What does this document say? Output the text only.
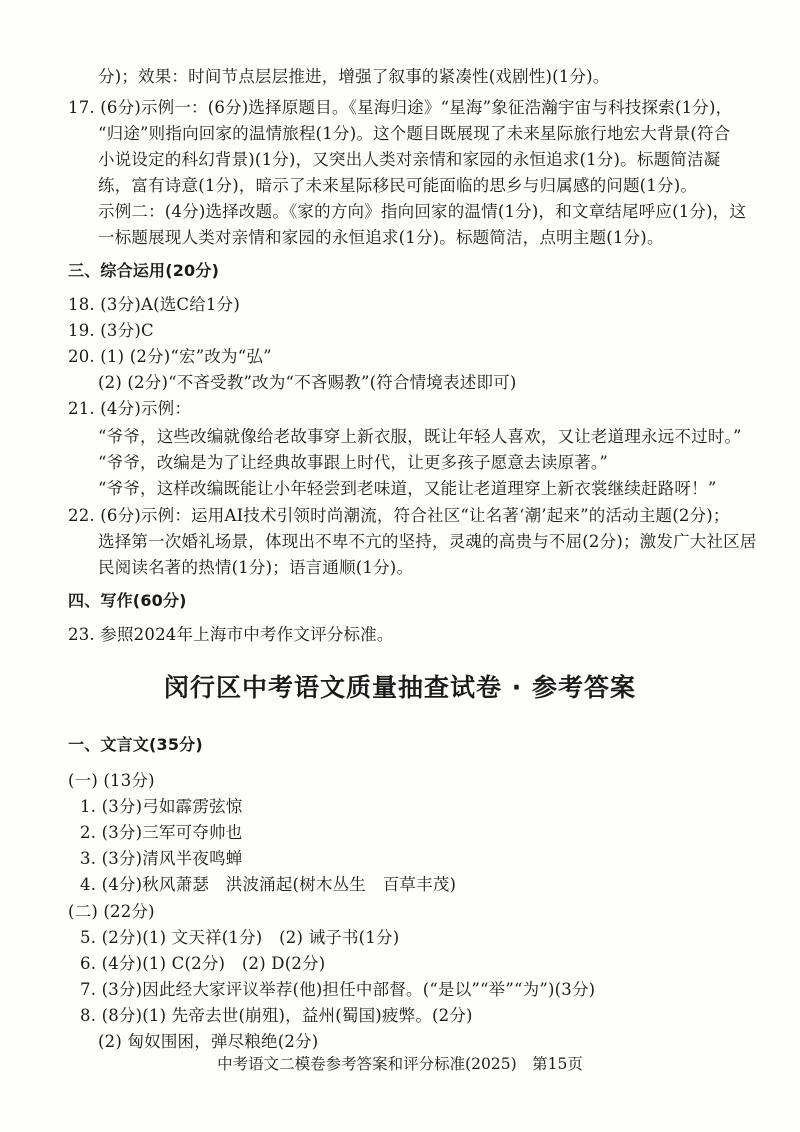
分)；效果：时间节点层层推进，增强了叙事的紧凑性(戏剧性)(1分)。
17. (6分)示例一：(6分)选择原题目。《星海归途》“星海”象征浩瀚宇宙与科技探索(1分)，
“归途”则指向回家的温情旅程(1分)。这个题目既展现了未来星际旅行地宏大背景(符合
小说设定的科幻背景)(1分)，又突出人类对亲情和家园的永恒追求(1分)。标题简洁凝
练，富有诗意(1分)，暗示了未来星际移民可能面临的思乡与归属感的问题(1分)。
示例二：(4分)选择改题。《家的方向》指向回家的温情(1分)，和文章结尾呼应(1分)，这
一标题展现人类对亲情和家园的永恒追求(1分)。标题简洁，点明主题(1分)。
三、综合运用(20分)
18. (3分)A(选C给1分)
19. (3分)C
20. (1) (2分)“宏”改为“弘”
(2) (2分)“不吝受教”改为“不吝赐教”(符合情境表述即可)
21. (4分)示例：
“爷爷，这些改编就像给老故事穿上新衣服，既让年轻人喜欢，又让老道理永远不过时。”
“爷爷，改编是为了让经典故事跟上时代，让更多孩子愿意去读原著。”
“爷爷，这样改编既能让小年轻尝到老味道，又能让老道理穿上新衣裳继续赶路呀！”
22. (6分)示例：运用AI技术引领时尚潮流，符合社区“让名著‘潮’起来”的活动主题(2分)；
选择第一次婚礼场景，体现出不卑不亢的坚持，灵魂的高贵与不屈(2分)；激发广大社区居
民阅读名著的热情(1分)；语言通顺(1分)。
四、写作(60分)
23. 参照2024年上海市中考作文评分标准。
闵行区中考语文质量抽查试卷 · 参考答案
一、文言文(35分)
(一) (13分)
1. (3分)弓如霹雳弦惊
2. (3分)三军可夺帅也
3. (3分)清风半夜鸣蝉
4. (4分)秋风萧瑟　洪波涌起(树木丛生　百草丰茂)
(二) (22分)
5. (2分)(1) 文天祥(1分)　(2) 诫子书(1分)
6. (4分)(1) C(2分)　(2) D(2分)
7. (3分)因此经大家评议举荐(他)担任中部督。(“是以”“举”“为”)(3分)
8. (8分)(1) 先帝去世(崩殂)，益州(蜀国)疲弊。(2分)
(2) 匈奴围困，弹尽粮绝(2分)
中考语文二模卷参考答案和评分标准(2025)　第15页
